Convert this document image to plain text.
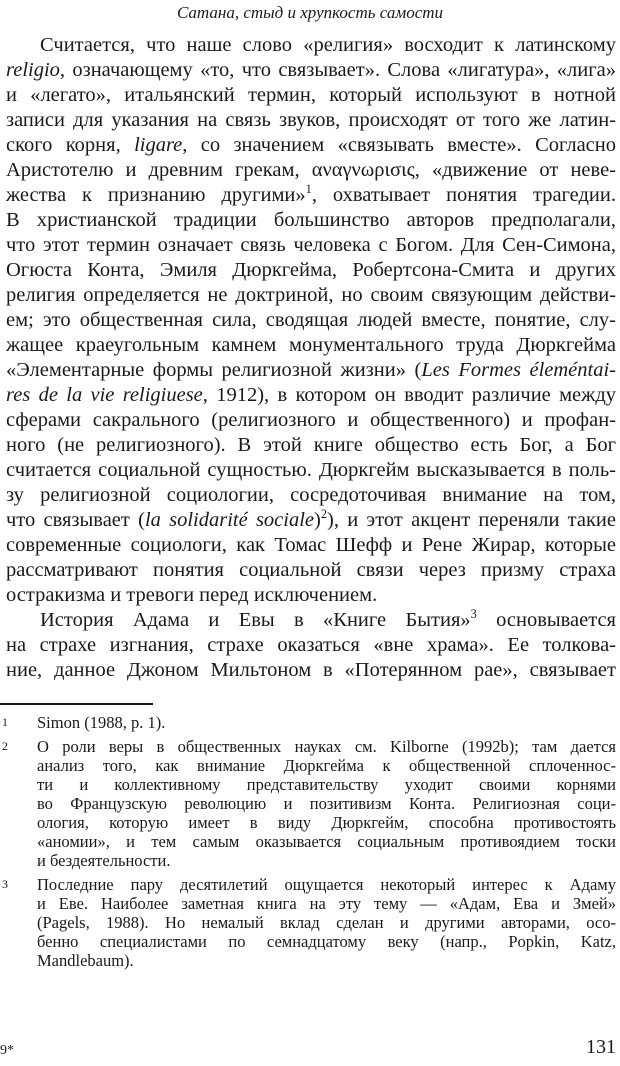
Сатана, стыд и хрупкость самости
Считается, что наше слово «религия» восходит к латинскому
religio, означающему «то, что связывает». Слова «лигатура», «лига»
и «легато», итальянский термин, который используют в нотной
записи для указания на связь звуков, происходят от того же латин-
ского корня, ligare, со значением «связывать вместе». Согласно
Аристотелю и древним грекам, αναγνωρισις, «движение от неве-
жества к признанию другими»$^1$, охватывает понятия трагедии.
В христианской традиции большинство авторов предполагали,
что этот термин означает связь человека с Богом. Для Сен-Симона,
Огюста Конта, Эмиля Дюркгейма, Робертсона-Смита и других
религия определяется не доктриной, но своим связующим действи-
ем; это общественная сила, сводящая людей вместе, понятие, слу-
жащее краеугольным камнем монументального труда Дюркгейма
«Элементарные формы религиозной жизни» (Les Formes éleméntai-
res de la vie religiuese, 1912), в котором он вводит различие между
сферами сакрального (религиозного и общественного) и профан-
ного (не религиозного). В этой книге общество есть Бог, а Бог
считается социальной сущностью. Дюркгейм высказывается в поль-
зу религиозной социологии, сосредоточивая внимание на том,
что связывает (la solidarité sociale)$^2$), и этот акцент переняли такие
современные социологи, как Томас Шефф и Рене Жирар, которые
рассматривают понятия социальной связи через призму страха
остракизма и тревоги перед исключением.
История Адама и Евы в «Книге Бытия»$^3$ основывается
на страхе изгнания, страхе оказаться «вне храма». Ее толкова-
ние, данное Джоном Мильтоном в «Потерянном рае», связывает
1 Simon (1988, p. 1).
2 О роли веры в общественных науках см. Kilborne (1992b); там дается
анализ того, как внимание Дюркгейма к общественной сплоченнос-
ти и коллективному представительству уходит своими корнями
во Французскую революцию и позитивизм Конта. Религиозная соци-
ология, которую имеет в виду Дюркгейм, способна противостоять
«аномии», и тем самым оказывается социальным противоядием тоски
и бездеятельности.
3 Последние пару десятилетий ощущается некоторый интерес к Адаму
и Еве. Наиболее заметная книга на эту тему — «Адам, Ева и Змей»
(Pagels, 1988). Но немалый вклад сделан и другими авторами, осо-
бенно специалистами по семнадцатому веку (напр., Popkin, Katz,
Mandlebaum).
9*	131
